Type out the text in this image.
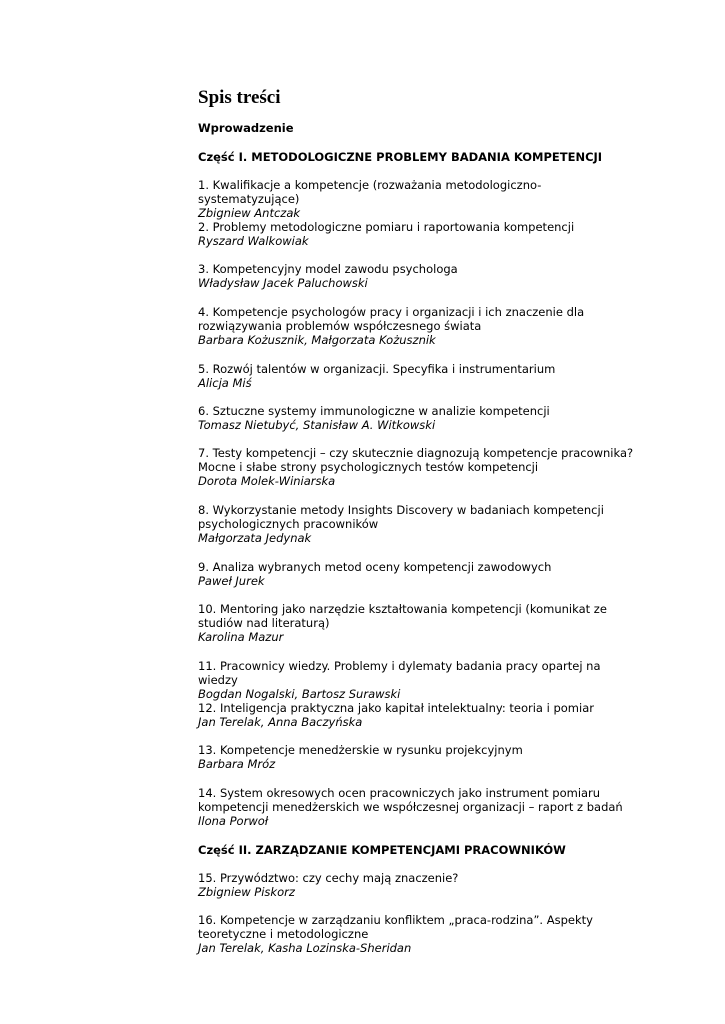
Spis treści
Wprowadzenie
Część I. METODOLOGICZNE PROBLEMY BADANIA KOMPETENCJI
1. Kwalifikacje a kompetencje (rozważania metodologiczno-systematyzujące)
Zbigniew Antczak
2. Problemy metodologiczne pomiaru i raportowania kompetencji
Ryszard Walkowiak
3. Kompetencyjny model zawodu psychologa
Władysław Jacek Paluchowski
4. Kompetencje psychologów pracy i organizacji i ich znaczenie dla rozwiązywania problemów współczesnego świata
Barbara Kożusznik, Małgorzata Kożusznik
5. Rozwój talentów w organizacji. Specyfika i instrumentarium
Alicja Miś
6. Sztuczne systemy immunologiczne w analizie kompetencji
Tomasz Nietubyć, Stanisław A. Witkowski
7. Testy kompetencji – czy skutecznie diagnozują kompetencje pracownika? Mocne i słabe strony psychologicznych testów kompetencji
Dorota Molek-Winiarska
8. Wykorzystanie metody Insights Discovery w badaniach kompetencji psychologicznych pracowników
Małgorzata Jedynak
9. Analiza wybranych metod oceny kompetencji zawodowych
Paweł Jurek
10. Mentoring jako narzędzie kształtowania kompetencji (komunikat ze studiów nad literaturą)
Karolina Mazur
11. Pracownicy wiedzy. Problemy i dylematy badania pracy opartej na wiedzy
Bogdan Nogalski, Bartosz Surawski
12. Inteligencja praktyczna jako kapitał intelektualny: teoria i pomiar
Jan Terelak, Anna Baczyńska
13. Kompetencje menedżerskie w rysunku projekcyjnym
Barbara Mróz
14. System okresowych ocen pracowniczych jako instrument pomiaru kompetencji menedżerskich we współczesnej organizacji – raport z badań
Ilona Porwoł
Część II. ZARZĄDZANIE KOMPETENCJAMI PRACOWNIKÓW
15. Przywództwo: czy cechy mają znaczenie?
Zbigniew Piskorz
16. Kompetencje w zarządzaniu konfliktem „praca-rodzina”. Aspekty teoretyczne i metodologiczne
Jan Terelak, Kasha Lozinska-Sheridan
